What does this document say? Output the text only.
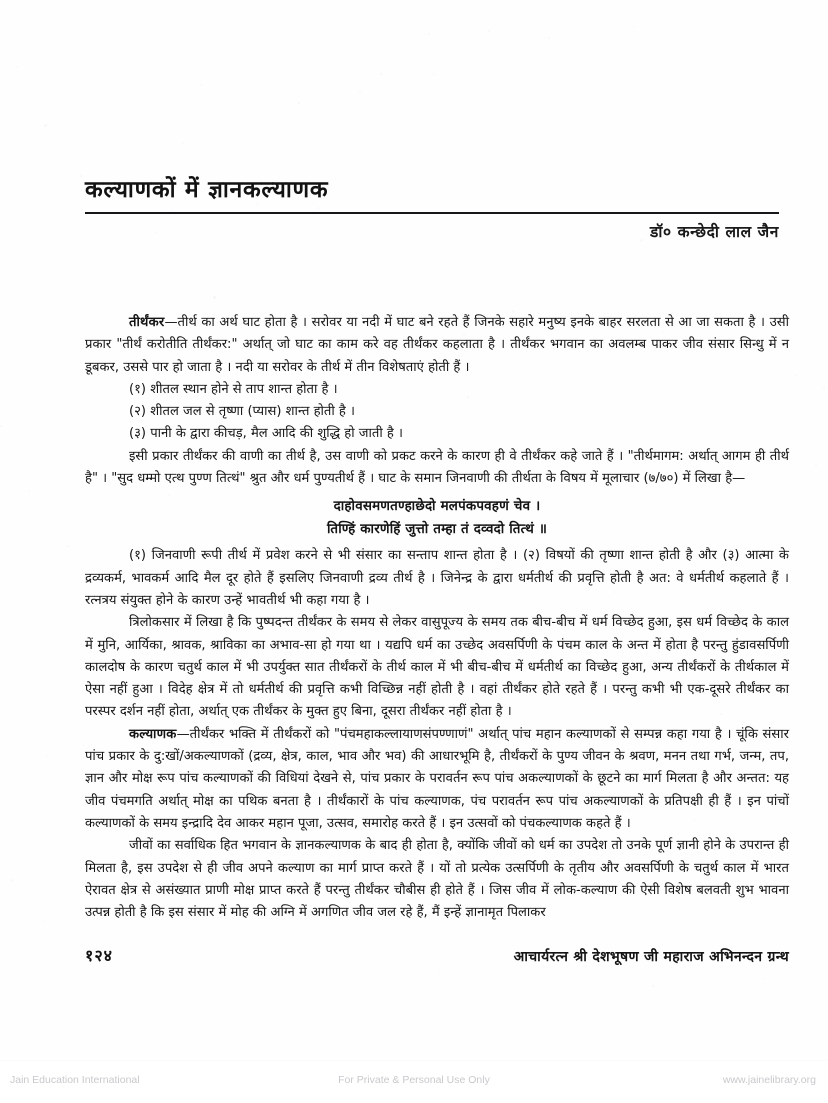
कल्याणकों में ज्ञानकल्याणक
डॉ० कन्छेदी लाल जैन

तीर्थंकर—तीर्थ का अर्थ घाट होता है । सरोवर या नदी में घाट बने रहते हैं जिनके सहारे मनुष्य इनके बाहर सरलता से आ जा सकता है । उसी प्रकार "तीर्थं करोतीति तीर्थंकर:" अर्थात् जो घाट का काम करे वह तीर्थंकर कहलाता है । तीर्थंकर भगवान का अवलम्ब पाकर जीव संसार सिन्धु में न डूबकर, उससे पार हो जाता है । नदी या सरोवर के तीर्थ में तीन विशेषताएं होती हैं ।

(१) शीतल स्थान होने से ताप शान्त होता है ।
(२) शीतल जल से तृष्णा (प्यास) शान्त होती है ।
(३) पानी के द्वारा कीचड़, मैल आदि की शुद्धि हो जाती है ।

इसी प्रकार तीर्थंकर की वाणी का तीर्थ है, उस वाणी को प्रकट करने के कारण ही वे तीर्थंकर कहे जाते हैं । "तीर्थमागम: अर्थात् आगम ही तीर्थ है" । "सुद धम्मो एत्थ पुण्ण तित्थं" श्रुत और धर्म पुण्यतीर्थ हैं । घाट के समान जिनवाणी की तीर्थता के विषय में मूलाचार (७/७०) में लिखा है—

दाहोवसमणतण्हाछेदो मलपंकपवहणं चेव ।
तिण्हिं कारणेहिं जुत्तो तम्हा तं दव्वदो तित्थं ॥

(१) जिनवाणी रूपी तीर्थ में प्रवेश करने से भी संसार का सन्ताप शान्त होता है । (२) विषयों की तृष्णा शान्त होती है और (३) आत्मा के द्रव्यकर्म, भावकर्म आदि मैल दूर होते हैं इसलिए जिनवाणी द्रव्य तीर्थ है । जिनेन्द्र के द्वारा धर्मतीर्थ की प्रवृत्ति होती है अत: वे धर्मतीर्थ कहलाते हैं । रत्नत्रय संयुक्त होने के कारण उन्हें भावतीर्थ भी कहा गया है ।

त्रिलोकसार में लिखा है कि पुष्पदन्त तीर्थंकर के समय से लेकर वासुपूज्य के समय तक बीच-बीच में धर्म विच्छेद हुआ, इस धर्म विच्छेद के काल में मुनि, आर्यिका, श्रावक, श्राविका का अभाव-सा हो गया था । यद्यपि धर्म का उच्छेद अवसर्पिणी के पंचम काल के अन्त में होता है परन्तु हुंडावसर्पिणी कालदोष के कारण चतुर्थ काल में भी उपर्युक्त सात तीर्थंकरों के तीर्थ काल में भी बीच-बीच में धर्मतीर्थ का विच्छेद हुआ, अन्य तीर्थंकरों के तीर्थकाल में ऐसा नहीं हुआ । विदेह क्षेत्र में तो धर्मतीर्थ की प्रवृत्ति कभी विच्छिन्न नहीं होती है । वहां तीर्थंकर होते रहते हैं । परन्तु कभी भी एक-दूसरे तीर्थंकर का परस्पर दर्शन नहीं होता, अर्थात् एक तीर्थंकर के मुक्त हुए बिना, दूसरा तीर्थंकर नहीं होता है ।

कल्याणक—तीर्थंकर भक्ति में तीर्थंकरों को "पंचमहाकल्लायाणसंपण्णाणं" अर्थात् पांच महान कल्याणकों से सम्पन्न कहा गया है । चूंकि संसार पांच प्रकार के दु:खों/अकल्याणकों (द्रव्य, क्षेत्र, काल, भाव और भव) की आधारभूमि है, तीर्थंकरों के पुण्य जीवन के श्रवण, मनन तथा गर्भ, जन्म, तप, ज्ञान और मोक्ष रूप पांच कल्याणकों की विधियां देखने से, पांच प्रकार के परावर्तन रूप पांच अकल्याणकों के छूटने का मार्ग मिलता है और अन्तत: यह जीव पंचमगति अर्थात् मोक्ष का पथिक बनता है । तीर्थंकारों के पांच कल्याणक, पंच परावर्तन रूप पांच अकल्याणकों के प्रतिपक्षी ही हैं । इन पांचों कल्याणकों के समय इन्द्रादि देव आकर महान पूजा, उत्सव, समारोह करते हैं । इन उत्सवों को पंचकल्याणक कहते हैं ।

जीवों का सर्वाधिक हित भगवान के ज्ञानकल्याणक के बाद ही होता है, क्योंकि जीवों को धर्म का उपदेश तो उनके पूर्ण ज्ञानी होने के उपरान्त ही मिलता है, इस उपदेश से ही जीव अपने कल्याण का मार्ग प्राप्त करते हैं । यों तो प्रत्येक उत्सर्पिणी के तृतीय और अवसर्पिणी के चतुर्थ काल में भारत ऐरावत क्षेत्र से असंख्यात प्राणी मोक्ष प्राप्त करते हैं परन्तु तीर्थंकर चौबीस ही होते हैं । जिस जीव में लोक-कल्याण की ऐसी विशेष बलवती शुभ भावना उत्पन्न होती है कि इस संसार में मोह की अग्नि में अगणित जीव जल रहे हैं, मैं इन्हें ज्ञानामृत पिलाकर

१२४	आचार्यरत्न श्री देशभूषण जी महाराज अभिनन्दन ग्रन्थ
Jain Education International	For Private & Personal Use Only	www.jainelibrary.org
